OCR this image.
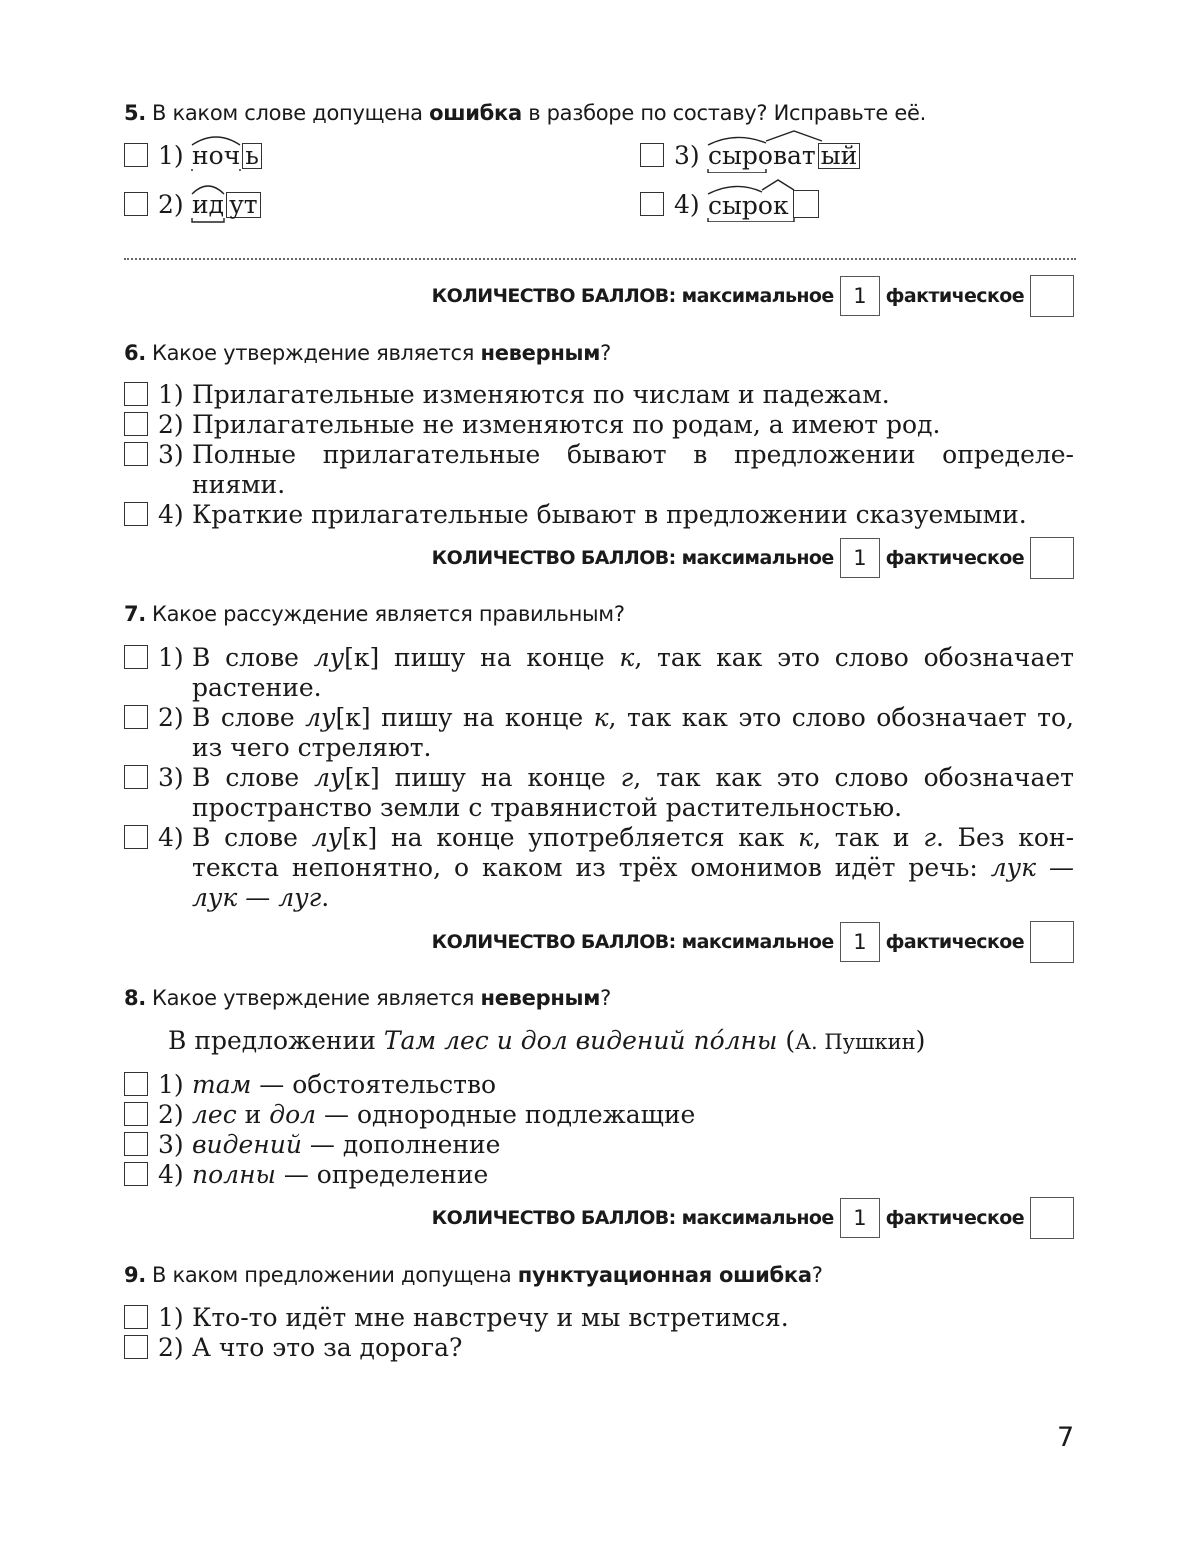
5. В каком слове допущена ошибка в разборе по составу? Исправьте её.
1) ноч ь
2) ид ут
3) сыроват ый
4) сырок
КОЛИЧЕСТВО БАЛЛОВ: максимальное 1	фактическое
6. Какое утверждение является неверным?
1) Прилагательные изменяются по числам и падежам.
2) Прилагательные не изменяются по родам, а имеют род.
3) Полные прилагательные бывают в предложении определе-
ниями.
4) Краткие прилагательные бывают в предложении сказуемыми.
КОЛИЧЕСТВО БАЛЛОВ: максимальное 1	фактическое
7. Какое рассуждение является правильным?
1) В слове лу[к] пишу на конце к, так как это слово обозначает
растение.
2) В слове лу[к] пишу на конце к, так как это слово обозначает то,
из чего стреляют.
3) В слове лу[к] пишу на конце г, так как это слово обозначает
пространство земли с травянистой растительностью.
4) В слове лу[к] на конце употребляется как к, так и г. Без кон-
текста непонятно, о каком из трёх омонимов идёт речь: лук —
лук — луг.
КОЛИЧЕСТВО БАЛЛОВ: максимальное 1	фактическое
8. Какое утверждение является неверным?
В предложении Там лес и дол видений по́лны (А. Пушкин)
1) там — обстоятельство
2) лес и дол — однородные подлежащие
3) видений — дополнение
4) полны — определение
КОЛИЧЕСТВО БАЛЛОВ: максимальное 1	фактическое
9. В каком предложении допущена пунктуационная ошибка?
1) Кто-то идёт мне навстречу и мы встретимся.
2) А что это за дорога?
7
